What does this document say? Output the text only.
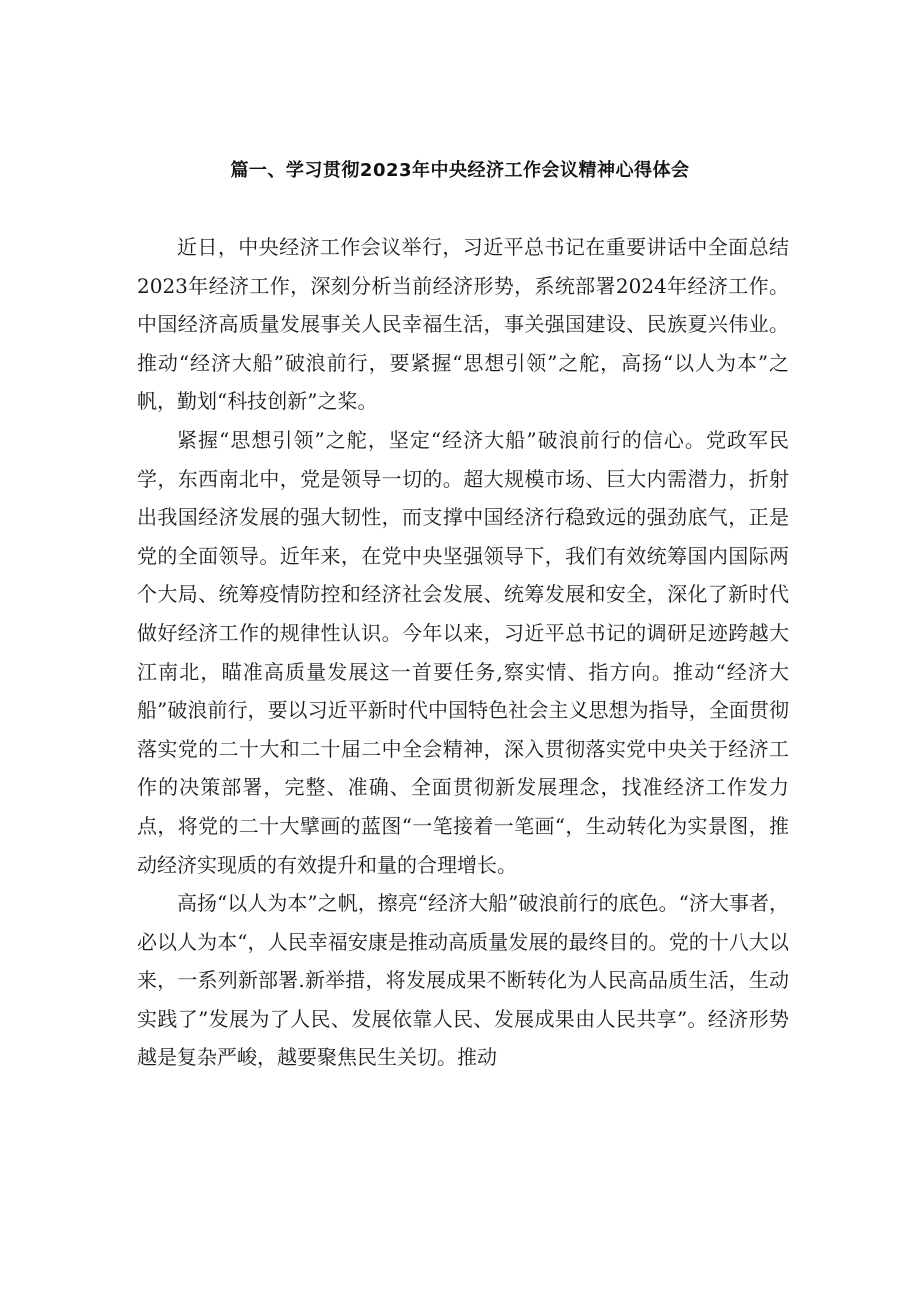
篇一、学习贯彻2023年中央经济工作会议精神心得体会

近日，中央经济工作会议举行，习近平总书记在重要讲话中全面总结2023年经济工作，深刻分析当前经济形势，系统部署2024年经济工作。中国经济高质量发展事关人民幸福生活，事关强国建设、民族夏兴伟业。推动“经济大船”破浪前行，要紧握“思想引领”之舵，高扬“以人为本”之帆，勤划“科技创新”之桨。

紧握“思想引领”之舵，坚定“经济大船”破浪前行的信心。党政军民学，东西南北中，党是领导一切的。超大规模市场、巨大内需潜力，折射出我国经济发展的强大韧性，而支撑中国经济行稳致远的强劲底气，正是党的全面领导。近年来，在党中央坚强领导下，我们有效统筹国内国际两个大局、统筹疫情防控和经济社会发展、统筹发展和安全，深化了新时代做好经济工作的规律性认识。今年以来，习近平总书记的调研足迹跨越大江南北，瞄准高质量发展这一首要任务,察实情、指方向。推动“经济大船”破浪前行，要以习近平新时代中国特色社会主义思想为指导，全面贯彻落实党的二十大和二十届二中全会精神，深入贯彻落实党中央关于经济工作的决策部署，完整、准确、全面贯彻新发展理念，找准经济工作发力点，将党的二十大擘画的蓝图“一笔接着一笔画“，生动转化为实景图，推动经济实现质的有效提升和量的合理增长。

高扬“以人为本”之帆，擦亮“经济大船”破浪前行的底色。“济大事者，必以人为本“，人民幸福安康是推动高质量发展的最终目的。党的十八大以来，一系列新部署.新举措，将发展成果不断转化为人民高品质生活，生动实践了”发展为了人民、发展依靠人民、发展成果由人民共享”。经济形势越是复杂严峻，越要聚焦民生关切。推动
